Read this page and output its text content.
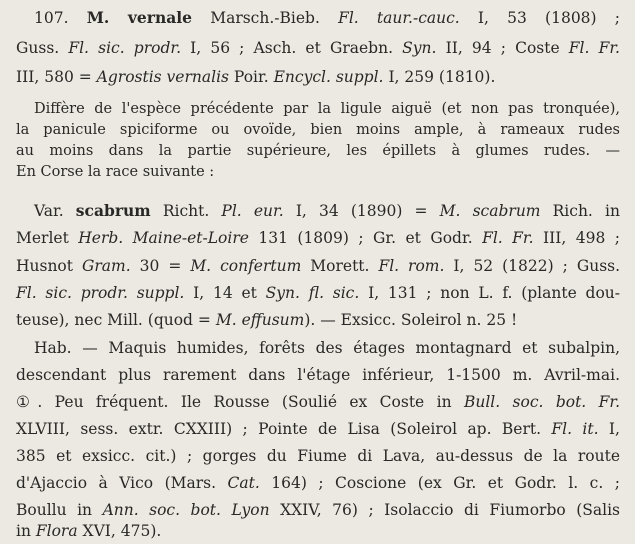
107. M. vernale Marsch.-Bieb. Fl. taur.-cauc. I, 53 (1808) ;
Guss. Fl. sic. prodr. I, 56 ; Asch. et Graebn. Syn. II, 94 ; Coste Fl. Fr.
III, 580 = Agrostis vernalis Poir. Encycl. suppl. I, 259 (1810).
Diffère de l'espèce précédente par la ligule aiguë (et non pas tronquée),
la panicule spiciforme ou ovoïde, bien moins ample, à rameaux rudes
au moins dans la partie supérieure, les épillets à glumes rudes. —
En Corse la race suivante :
Var. scabrum Richt. Pl. eur. I, 34 (1890) = M. scabrum Rich. in
Merlet Herb. Maine-et-Loire 131 (1809) ; Gr. et Godr. Fl. Fr. III, 498 ;
Husnot Gram. 30 = M. confertum Morett. Fl. rom. I, 52 (1822) ; Guss.
Fl. sic. prodr. suppl. I, 14 et Syn. fl. sic. I, 131 ; non L. f. (plante dou-
teuse), nec Mill. (quod = M. effusum). — Exsicc. Soleirol n. 25 !
Hab. — Maquis humides, forêts des étages montagnard et subalpin,
descendant plus rarement dans l'étage inférieur, 1-1500 m. Avril-mai.
①. Peu fréquent. Ile Rousse (Soulié ex Coste in Bull. soc. bot. Fr.
XLVIII, sess. extr. CXXIII) ; Pointe de Lisa (Soleirol ap. Bert. Fl. it. I,
385 et exsicc. cit.) ; gorges du Fiume di Lava, au-dessus de la route
d'Ajaccio à Vico (Mars. Cat. 164) ; Coscione (ex Gr. et Godr. l. c. ;
Boullu in Ann. soc. bot. Lyon XXIV, 76) ; Isolaccio di Fiumorbo (Salis
in Flora XVI, 475).
